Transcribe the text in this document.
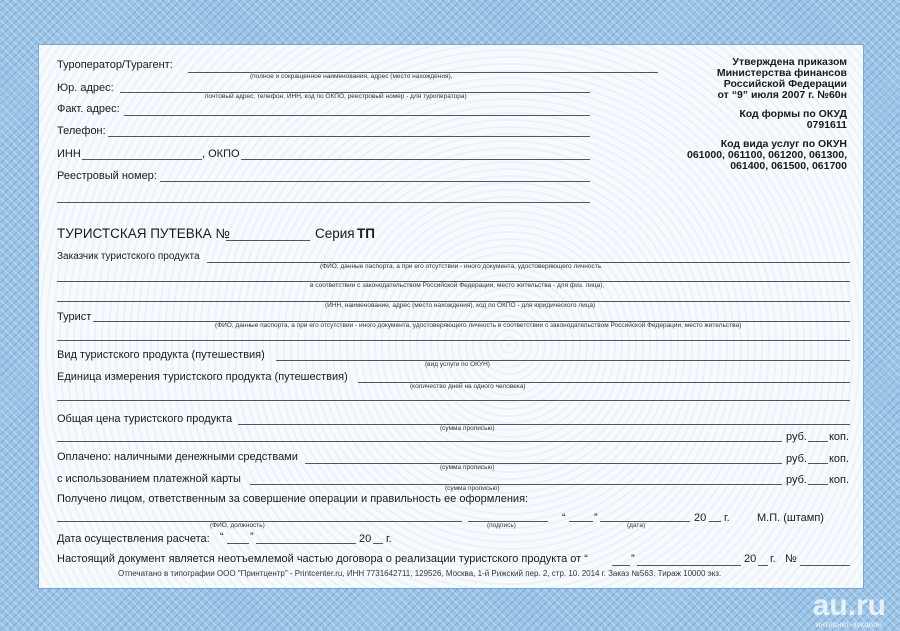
Туроператор/Турагент:
(полное и сокращенное наименования, адрес (место нахождения),
Юр. адрес:
почтовый адрес, телефон, ИНН, код по ОКПО, реестровый номер - для туроператора)
Факт. адрес:
Телефон:
ИНН	, ОКПО
Реестровый номер:
Утверждена приказом
Министерства финансов
Российской Федерации
от “9” июля 2007 г. №60н
Код формы по ОКУД
0791611
Код вида услуг по ОКУН
061000, 061100, 061200, 061300,
061400, 061500, 061700
ТУРИСТСКАЯ ПУТЕВКА №	Серия ТП
Заказчик туристского продукта
(ФИО, данные паспорта, а при его отсутствии - иного документа, удостоверяющего личность
в соответствии с законодательством Российской Федерации, место жительства - для физ. лица),
(ИНН, наименование, адрес (место нахождения), код по ОКПО - для юридического лица)
Турист
(ФИО, данные паспорта, а при его отсутствии - иного документа, удостоверяющего личность в соответствии с законодательством Российской Федерации, место жительства)
Вид туристского продукта (путешествия)
(вид услуги по ОКУН)
Единица измерения туристского продукта (путешествия)
(количество дней на одного человека)
Общая цена туристского продукта
(сумма прописью)
руб. коп.
Оплачено: наличными денежными средствами
(сумма прописью)
руб. коп.
с использованием платежной карты
(сумма прописью)
руб. коп.
Получено лицом, ответственным за совершение операции и правильность ее оформления:
(ФИО, должность)	(подпись)
“	”
(дата)
20 г. М.П. (штамп)
Дата осуществления расчета: “ ”	20 г.
Настоящий документ является неотъемлемой частью договора о реализации туристского продукта от “	”	20 г. №
Отпечатано в типографии ООО "Принтцентр" - Printcenter.ru, ИНН 7731642711, 129526, Москва, 1-й Рижский пер. 2, стр. 10. 2014 г. Заказ №563. Тираж 10000 экз.
au.ru
интернет-аукцион
